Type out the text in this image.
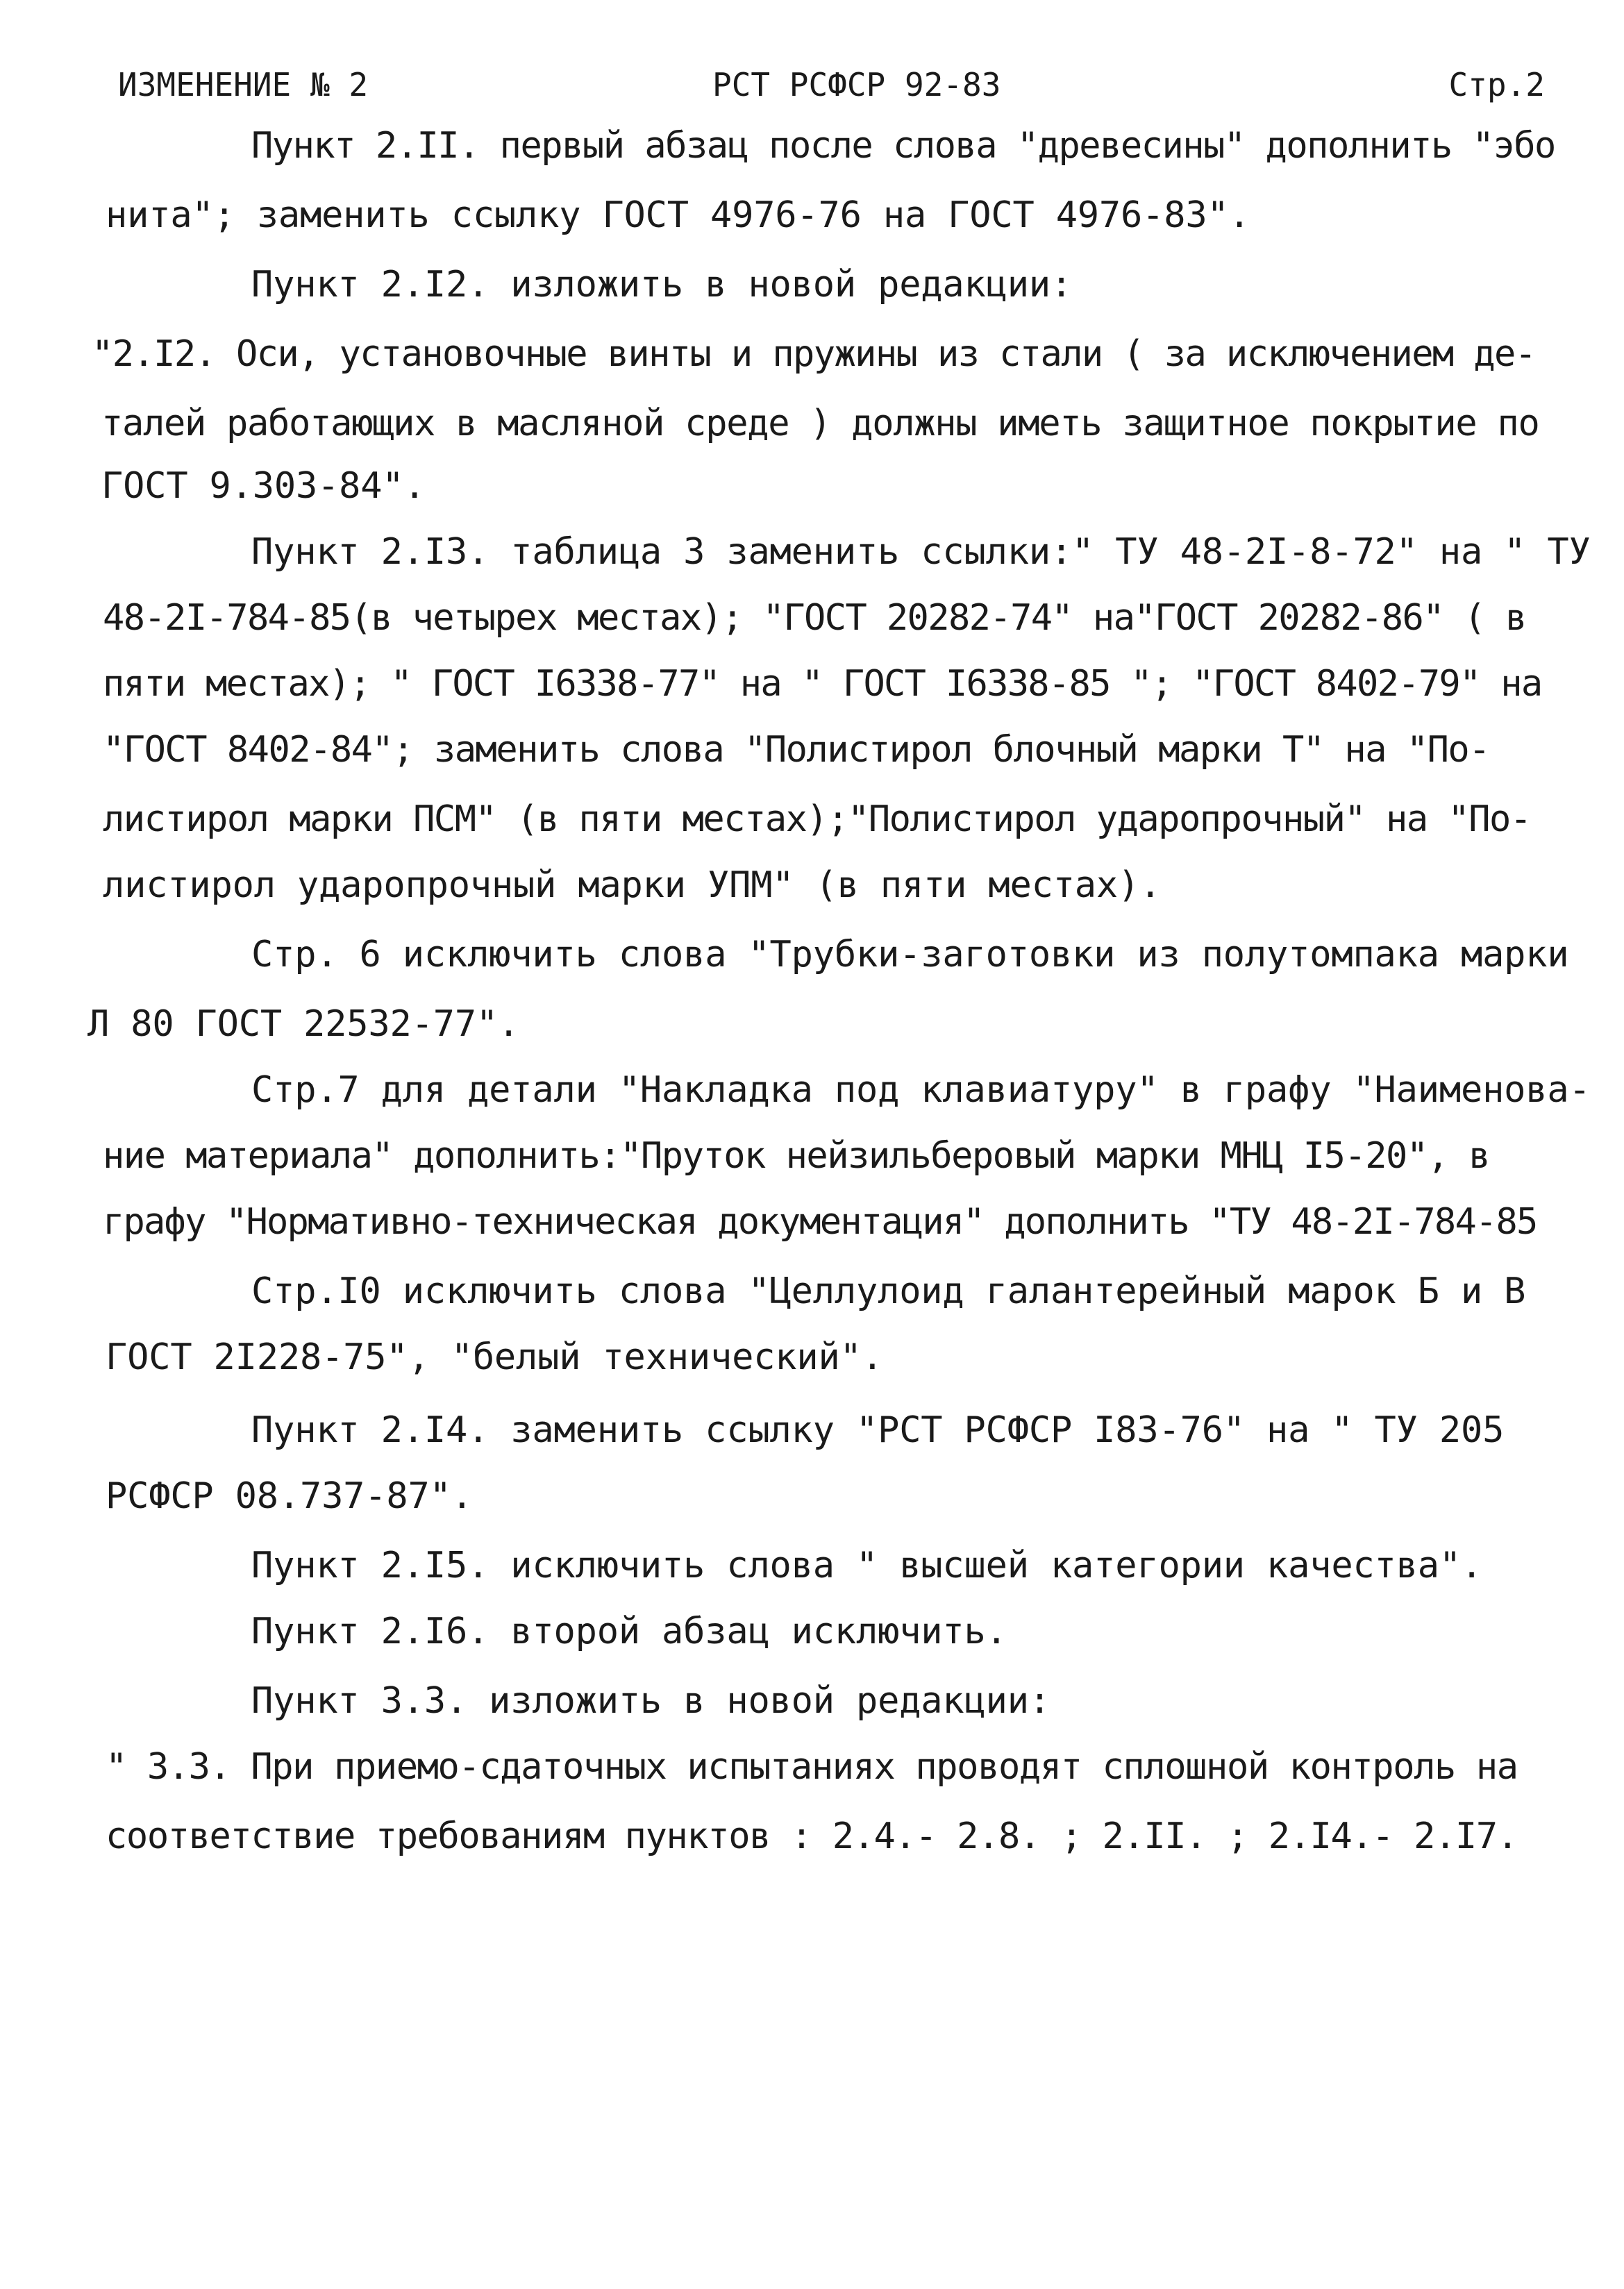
ИЗМЕНЕНИЕ № 2	РСТ РСФСР 92-83	Стр.2
Пункт 2.II. первый абзац после слова "древесины" дополнить "эбо
нита"; заменить ссылку ГОСТ 4976-76 на ГОСТ 4976-83".
Пункт 2.I2. изложить в новой редакции:
"2.I2. Оси, установочные винты и пружины из стали ( за исключением де-
талей работающих в масляной среде ) должны иметь защитное покрытие по
ГОСТ 9.303-84".
Пункт 2.I3. таблица 3 заменить ссылки:" ТУ 48-2I-8-72" на " ТУ
48-2I-784-85(в четырех местах); "ГОСТ 20282-74" на"ГОСТ 20282-86" ( в
пяти местах); " ГОСТ I6338-77" на " ГОСТ I6338-85 "; "ГОСТ 8402-79" на
"ГОСТ 8402-84"; заменить слова "Полистирол блочный марки Т" на "По-
листирол марки ПСМ" (в пяти местах);"Полистирол ударопрочный" на "По-
листирол ударопрочный марки УПМ" (в пяти местах).
Стр. 6 исключить слова "Трубки-заготовки из полутомпака марки
Л 80 ГОСТ 22532-77".
Стр.7 для детали "Накладка под клавиатуру" в графу "Наименова-
ние материала" дополнить:"Пруток нейзильберовый марки МНЦ I5-20", в
графу "Нормативно-техническая документация" дополнить "ТУ 48-2I-784-85
Стр.I0 исключить слова "Целлулоид галантерейный марок Б и В
ГОСТ 2I228-75", "белый технический".
Пункт 2.I4. заменить ссылку "РСТ РСФСР I83-76" на " ТУ 205
РСФСР 08.737-87".
Пункт 2.I5. исключить слова " высшей категории качества".
Пункт 2.I6. второй абзац исключить.
Пункт 3.3. изложить в новой редакции:
" 3.3. При приемо-сдаточных испытаниях проводят сплошной контроль на
соответствие требованиям пунктов : 2.4.- 2.8. ; 2.II. ; 2.I4.- 2.I7.
